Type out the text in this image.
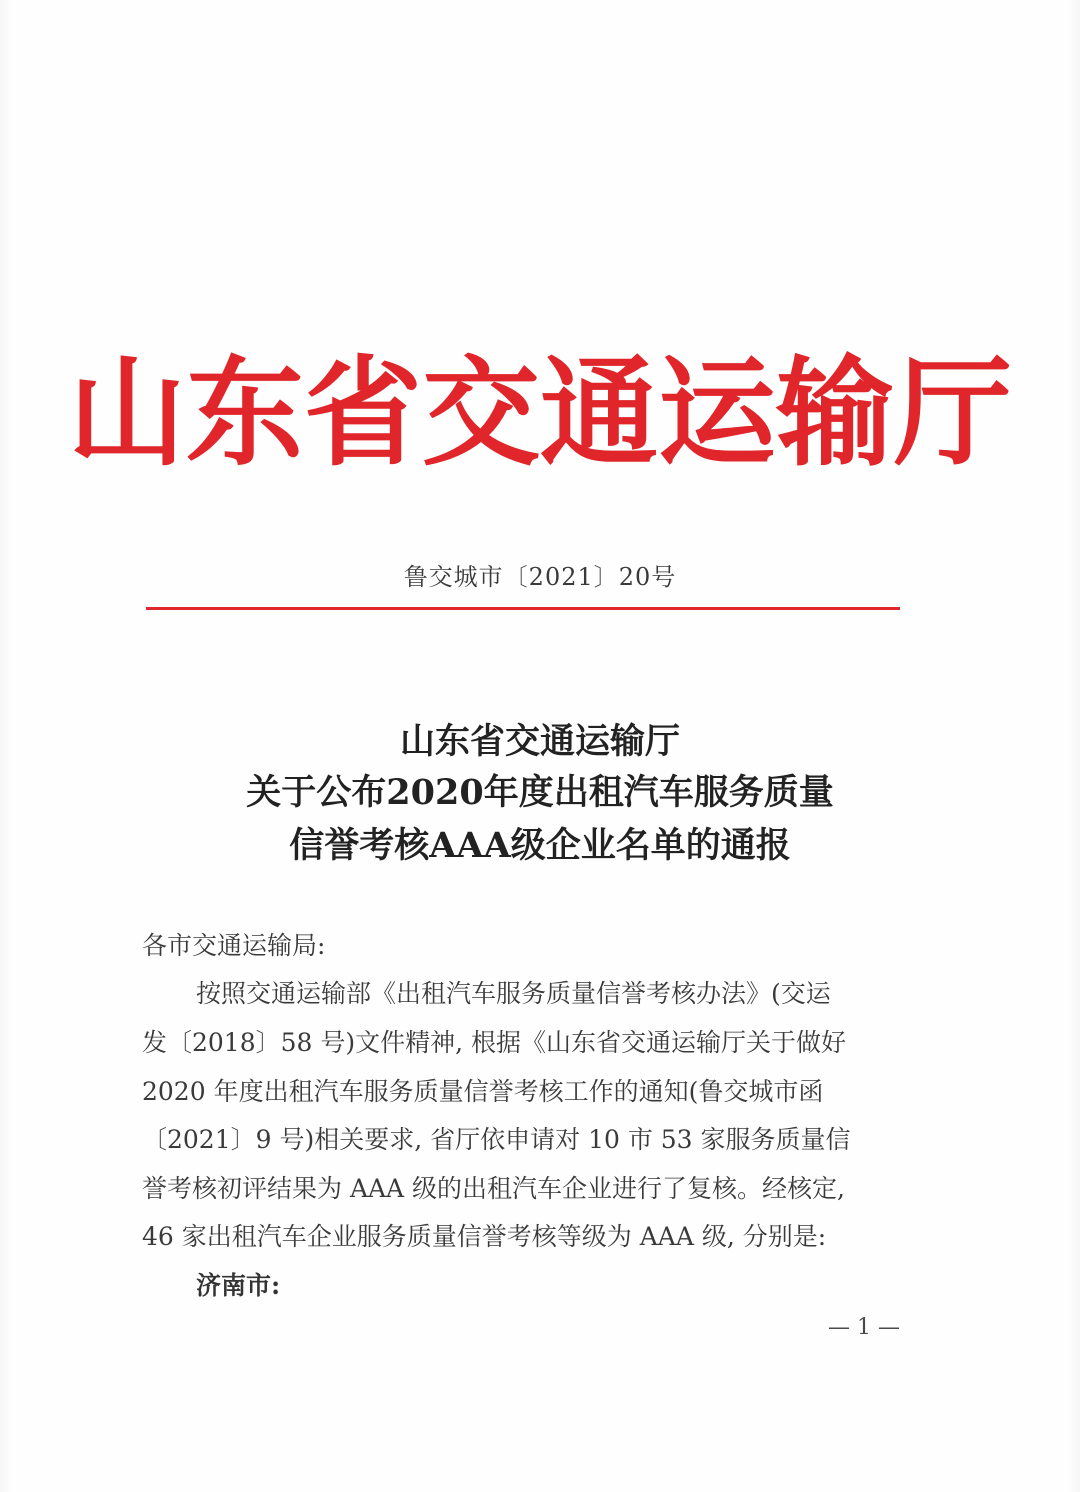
山东省交通运输厅
鲁交城市〔2021〕20号
山东省交通运输厅
关于公布2020年度出租汽车服务质量
信誉考核AAA级企业名单的通报
各市交通运输局:
按照交通运输部《出租汽车服务质量信誉考核办法》(交运
发〔2018〕58 号)文件精神, 根据《山东省交通运输厅关于做好
2020 年度出租汽车服务质量信誉考核工作的通知(鲁交城市函
〔2021〕9 号)相关要求, 省厅依申请对 10 市 53 家服务质量信
誉考核初评结果为 AAA 级的出租汽车企业进行了复核。经核定,
46 家出租汽车企业服务质量信誉考核等级为 AAA 级, 分别是:
济南市:
— 1 —
